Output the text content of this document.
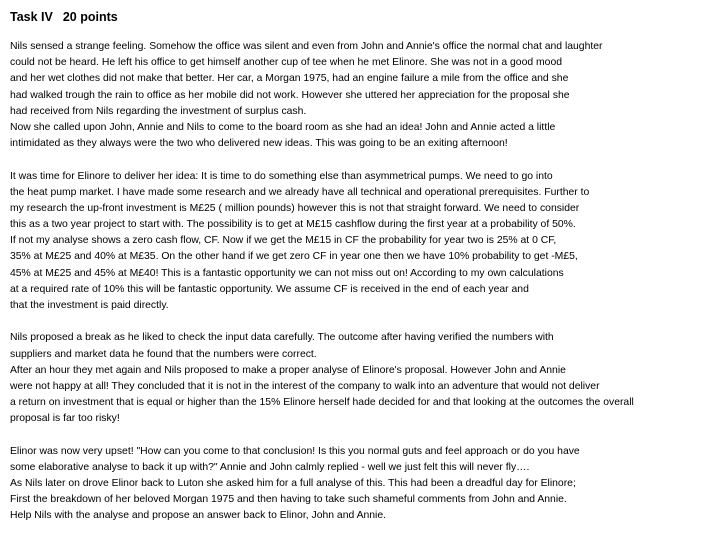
Task IV 20 points
Nils sensed a strange feeling. Somehow the office was silent and even from John and Annie's office the normal chat and laughter
could not be heard. He left his office to get himself another cup of tee when he met Elinore. She was not in a good mood
and her wet clothes did not make that better. Her car, a Morgan 1975, had an engine failure a mile from the office and she
had walked trough the rain to office as her mobile did not work. However she uttered her appreciation for the proposal she
had received from Nils regarding the investment of surplus cash.
Now she called upon John, Annie and Nils to come to the board room as she had an idea! John and Annie acted a little
intimidated as they always were the two who delivered new ideas. This was going to be an exiting afternoon!
It was time for Elinore to deliver her idea: It is time to do something else than asymmetrical pumps. We need to go into
the heat pump market. I have made some research and we already have all technical and operational prerequisites. Further to
my research the up-front investment is M£25 ( million pounds) however this is not that straight forward. We need to consider
this as a two year project to start with. The possibility is to get at M£15 cashflow during the first year at a probability of 50%.
If not my analyse shows a zero cash flow, CF. Now if we get the M£15 in CF the probability for year two is 25% at 0 CF,
35% at M£25 and 40% at M£35. On the other hand if we get zero CF in year one then we have 10% probability to get -M£5,
45% at M£25 and 45% at M£40! This is a fantastic opportunity we can not miss out on! According to my own calculations
at a required rate of 10% this will be fantastic opportunity. We assume CF is received in the end of each year and
that the investment is paid directly.
Nils proposed a break as he liked to check the input data carefully. The outcome after having verified the numbers with
suppliers and market data he found that the numbers were correct.
After an hour they met again and Nils proposed to make a proper analyse of Elinore's proposal. However John and Annie
were not happy at all! They concluded that it is not in the interest of the company to walk into an adventure that would not deliver
a return on investment that is equal or higher than the 15% Elinore herself hade decided for and that looking at the outcomes the overall
proposal is far too risky!
Elinor was now very upset! "How can you come to that conclusion! Is this you normal guts and feel approach or do you have
some elaborative analyse to back it up with?" Annie and John calmly replied - well we just felt this will never fly….
As Nils later on drove Elinor back to Luton she asked him for a full analyse of this. This had been a dreadful day for Elinore;
First the breakdown of her beloved Morgan 1975 and then having to take such shameful comments from John and Annie.
Help Nils with the analyse and propose an answer back to Elinor, John and Annie.
